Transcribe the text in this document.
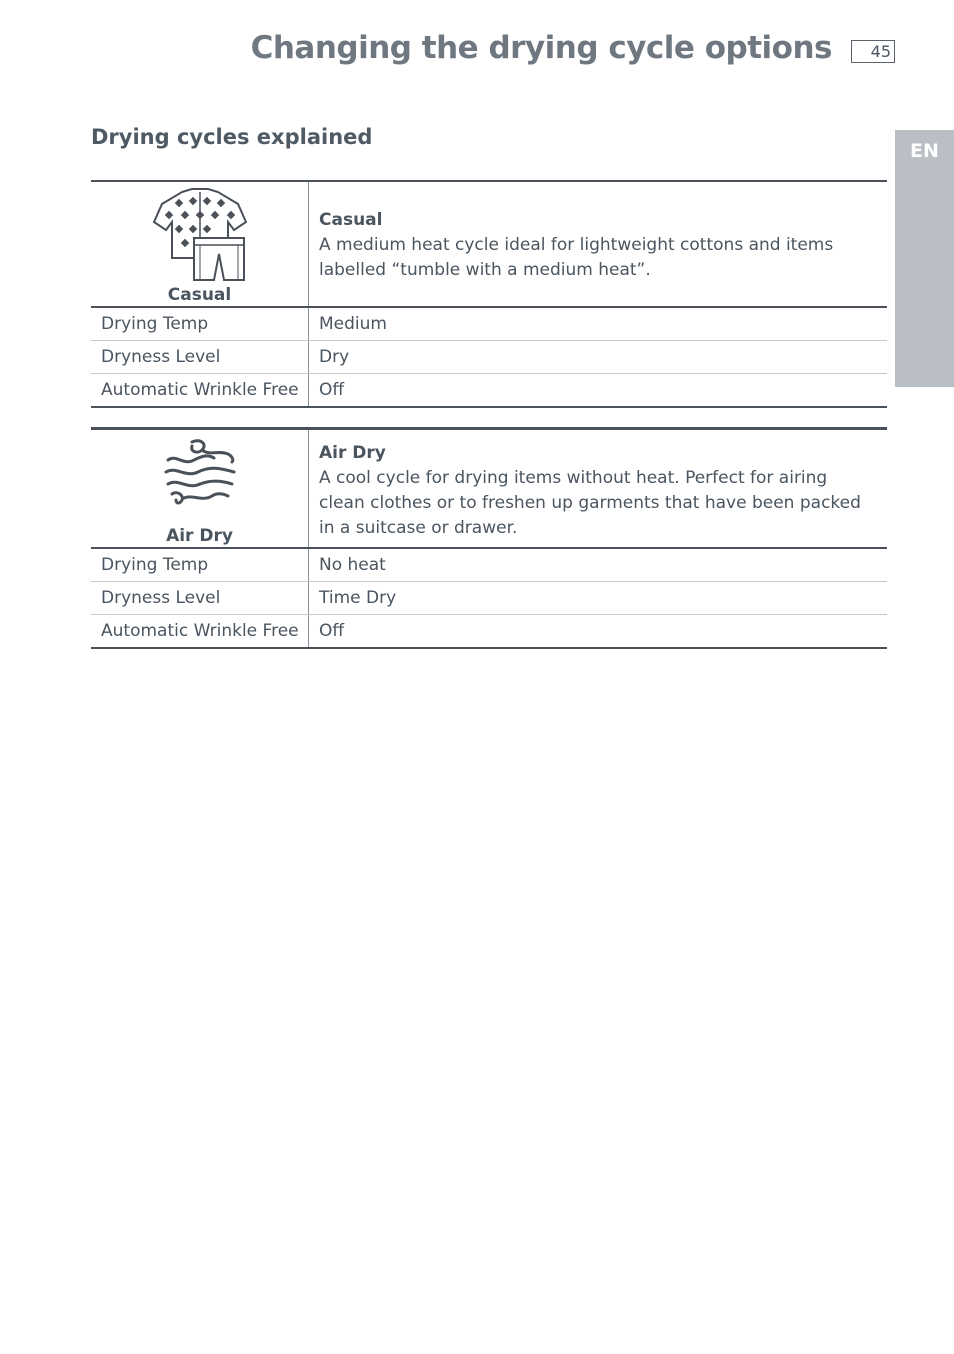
Changing the drying cycle options	45
EN
Drying cycles explained
Casual
Casual
A medium heat cycle ideal for lightweight cottons and items labelled “tumble with a medium heat”.
Drying Temp	Medium
Dryness Level	Dry
Automatic Wrinkle Free	Off
Air Dry
Air Dry
A cool cycle for drying items without heat. Perfect for airing clean clothes or to freshen up garments that have been packed in a suitcase or drawer.
Drying Temp	No heat
Dryness Level	Time Dry
Automatic Wrinkle Free	Off
